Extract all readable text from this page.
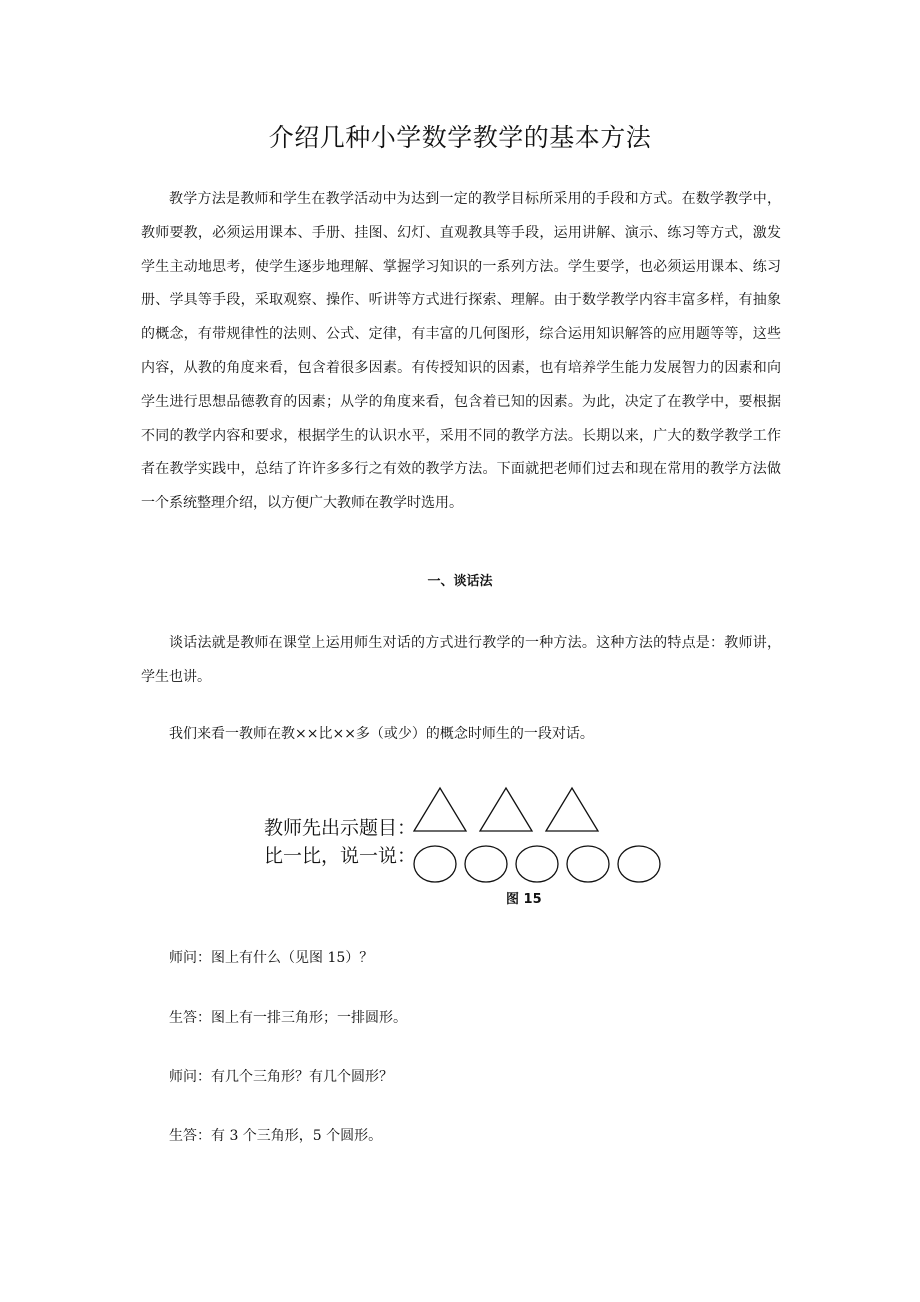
介绍几种小学数学教学的基本方法

教学方法是教师和学生在教学活动中为达到一定的教学目标所采用的手段和方式。在数学教学中，教师要教，必须运用课本、手册、挂图、幻灯、直观教具等手段，运用讲解、演示、练习等方式，激发学生主动地思考，使学生逐步地理解、掌握学习知识的一系列方法。学生要学，也必须运用课本、练习册、学具等手段，采取观察、操作、听讲等方式进行探索、理解。由于数学教学内容丰富多样，有抽象的概念，有带规律性的法则、公式、定律，有丰富的几何图形，综合运用知识解答的应用题等等，这些内容，从教的角度来看，包含着很多因素。有传授知识的因素，也有培养学生能力发展智力的因素和向学生进行思想品德教育的因素；从学的角度来看，包含着已知的因素。为此，决定了在教学中，要根据不同的教学内容和要求，根据学生的认识水平，采用不同的教学方法。长期以来，广大的数学教学工作者在教学实践中，总结了许许多多行之有效的教学方法。下面就把老师们过去和现在常用的教学方法做一个系统整理介绍，以方便广大教师在教学时选用。

一、谈话法

谈话法就是教师在课堂上运用师生对话的方式进行教学的一种方法。这种方法的特点是：教师讲，学生也讲。

我们来看一教师在教××比××多（或少）的概念时师生的一段对话。

教师先出示题目：
比一比，说一说：
图 15

师问：图上有什么（见图 15）？

生答：图上有一排三角形；一排圆形。

师问：有几个三角形？有几个圆形？

生答：有 3 个三角形，5 个圆形。
